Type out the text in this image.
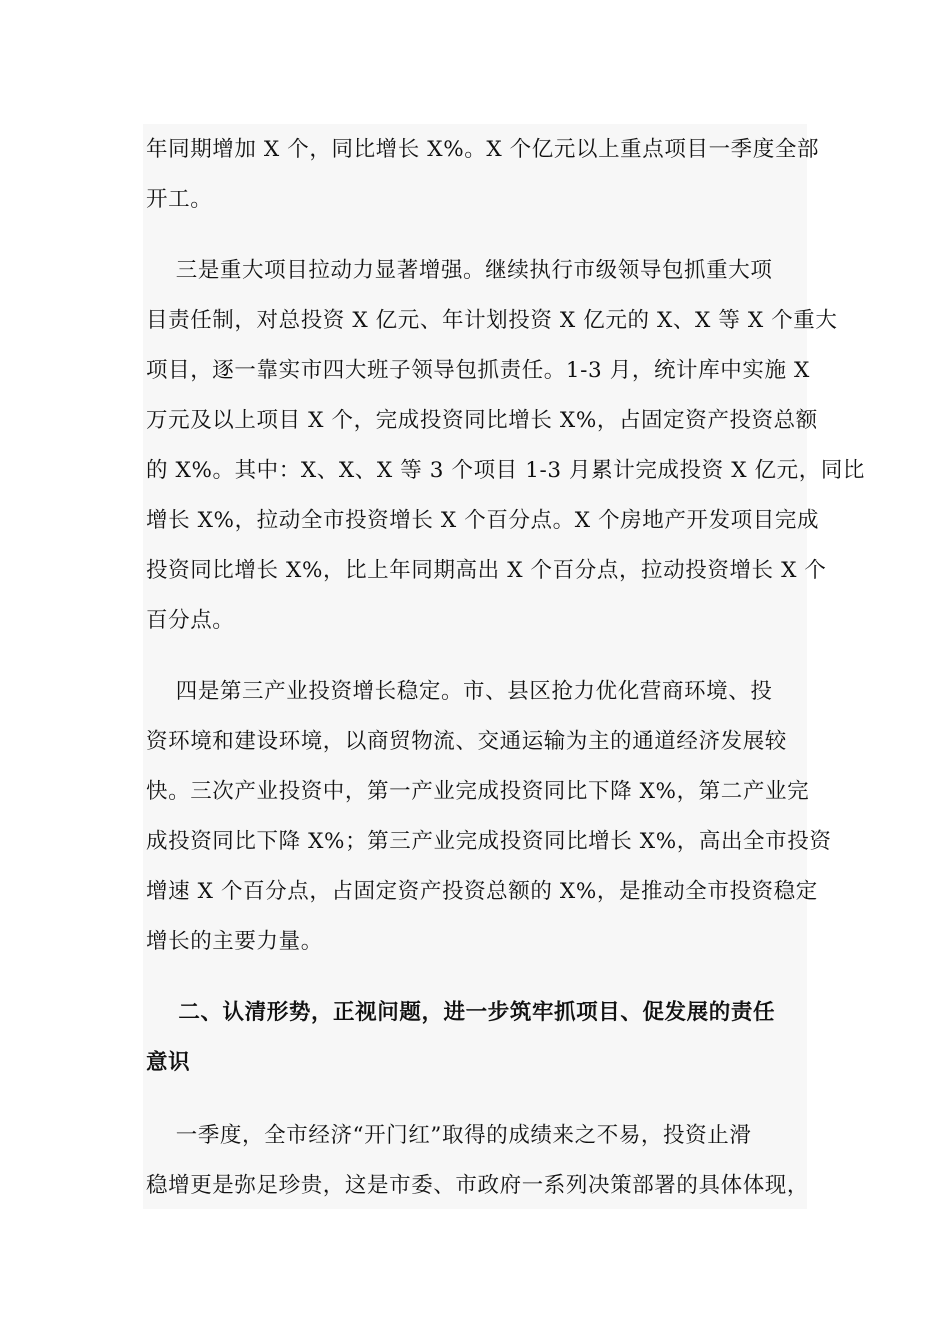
年同期增加 X 个，同比增长 X%。X 个亿元以上重点项目一季度全部
开工。
三是重大项目拉动力显著增强。继续执行市级领导包抓重大项
目责任制，对总投资 X 亿元、年计划投资 X 亿元的 X、X 等 X 个重大
项目，逐一靠实市四大班子领导包抓责任。1-3 月，统计库中实施 X
万元及以上项目 X 个，完成投资同比增长 X%，占固定资产投资总额
的 X%。其中：X、X、X 等 3 个项目 1-3 月累计完成投资 X 亿元，同比
增长 X%，拉动全市投资增长 X 个百分点。X 个房地产开发项目完成
投资同比增长 X%，比上年同期高出 X 个百分点，拉动投资增长 X 个
百分点。
四是第三产业投资增长稳定。市、县区抢力优化营商环境、投
资环境和建设环境，以商贸物流、交通运输为主的通道经济发展较
快。三次产业投资中，第一产业完成投资同比下降 X%，第二产业完
成投资同比下降 X%；第三产业完成投资同比增长 X%，高出全市投资
增速 X 个百分点，占固定资产投资总额的 X%，是推动全市投资稳定
增长的主要力量。
二、认清形势，正视问题，进一步筑牢抓项目、促发展的责任
意识
一季度，全市经济“开门红”取得的成绩来之不易，投资止滑
稳增更是弥足珍贵，这是市委、市政府一系列决策部署的具体体现，
